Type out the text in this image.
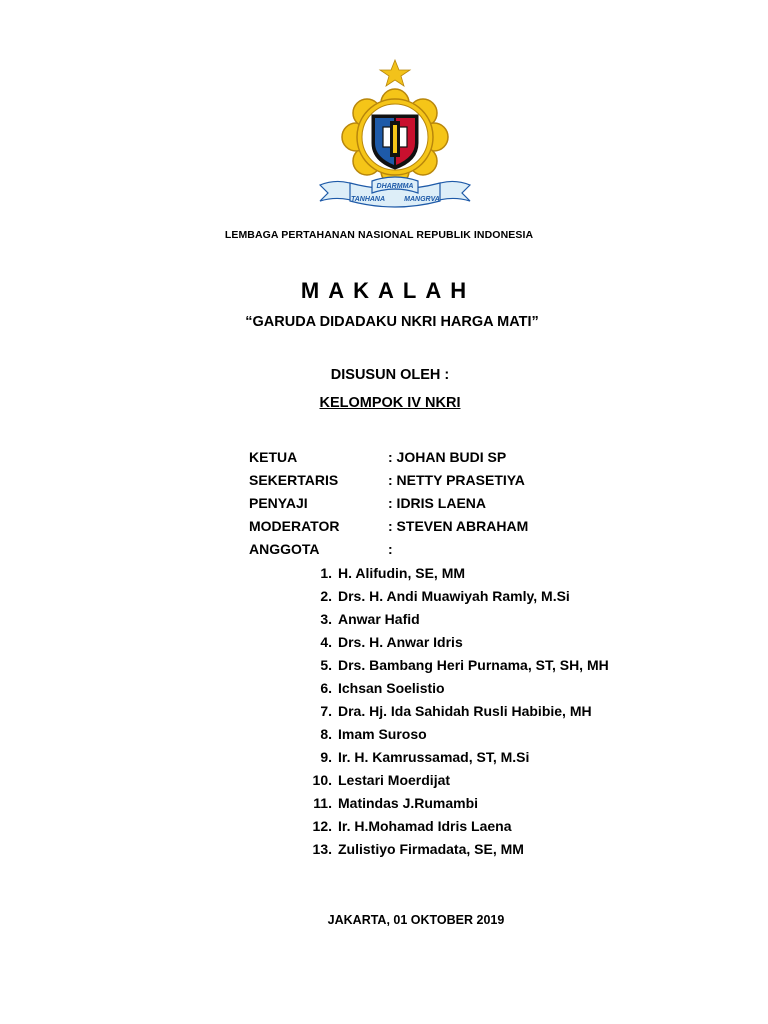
TANHANA
DHARMMA
MANGRVA
LEMBAGA PERTAHANAN NASIONAL REPUBLIK INDONESIA
MAKALAH
“GARUDA DIDADAKU NKRI HARGA MATI”
DISUSUN OLEH :
KELOMPOK IV NKRI
KETUA	: JOHAN BUDI SP
SEKERTARIS	: NETTY PRASETIYA
PENYAJI	: IDRIS LAENA
MODERATOR	: STEVEN ABRAHAM
ANGGOTA	:
1. H. Alifudin, SE, MM
2. Drs. H. Andi Muawiyah Ramly, M.Si
3. Anwar Hafid
4. Drs. H. Anwar Idris
5. Drs. Bambang Heri Purnama, ST, SH, MH
6. Ichsan Soelistio
7. Dra. Hj. Ida Sahidah Rusli Habibie, MH
8. Imam Suroso
9. Ir. H. Kamrussamad, ST, M.Si
10. Lestari Moerdijat
11. Matindas J.Rumambi
12. Ir. H.Mohamad Idris Laena
13. Zulistiyo Firmadata, SE, MM
JAKARTA, 01 OKTOBER 2019
